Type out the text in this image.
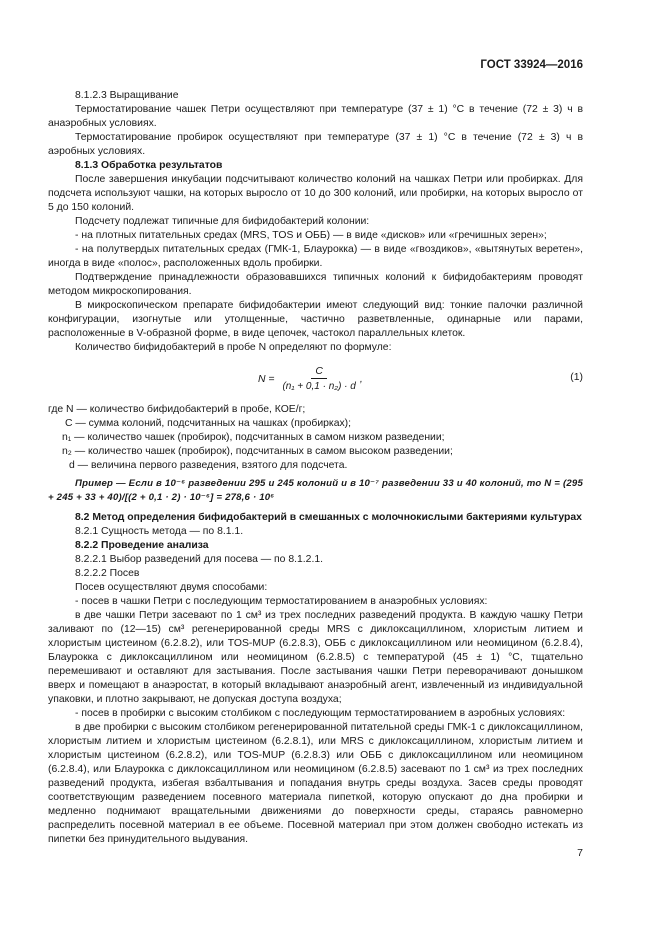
ГОСТ 33924—2016

8.1.2.3 Выращивание

Термостатирование чашек Петри осуществляют при температуре (37 ± 1) °С в течение (72 ± 3) ч в анаэробных условиях.

Термостатирование пробирок осуществляют при температуре (37 ± 1) °С в течение (72 ± 3) ч в аэробных условиях.

8.1.3 Обработка результатов

После завершения инкубации подсчитывают количество колоний на чашках Петри или пробирках. Для подсчета используют чашки, на которых выросло от 10 до 300 колоний, или пробирки, на которых выросло от 5 до 150 колоний.

Подсчету подлежат типичные для бифидобактерий колонии:

- на плотных питательных средах (MRS, TOS и ОББ) — в виде «дисков» или «гречишных зерен»;

- на полутвердых питательных средах (ГМК-1, Блаурокка) — в виде «гвоздиков», «вытянутых веретен», иногда в виде «полос», расположенных вдоль пробирки.

Подтверждение принадлежности образовавшихся типичных колоний к бифидобактериям проводят методом микроскопирования.

В микроскопическом препарате бифидобактерии имеют следующий вид: тонкие палочки различной конфигурации, изогнутые или утолщенные, частично разветвленные, одинарные или парами, расположенные в V-образной форме, в виде цепочек, частокол параллельных клеток.

Количество бифидобактерий в пробе N определяют по формуле:

$N = \frac{C}{\text{(n₁ + 0,1 · n₂) · d}}$ ,	(1)

где N — количество бифидобактерий в пробе, КОЕ/г;

C — сумма колоний, подсчитанных на чашках (пробирках);

n₁ — количество чашек (пробирок), подсчитанных в самом низком разведении;

n₂ — количество чашек (пробирок), подсчитанных в самом высоком разведении;

d — величина первого разведения, взятого для подсчета.

Пример — Если в 10⁻⁶ разведении 295 и 245 колоний и в 10⁻⁷ разведении 33 и 40 колоний, то N = (295 + 245 + 33 + 40)/[(2 + 0,1 · 2) · 10⁻⁶] = 278,6 · 10⁶

8.2 Метод определения бифидобактерий в смешанных с молочнокислыми бактериями культурах

8.2.1 Сущность метода — по 8.1.1.

8.2.2 Проведение анализа

8.2.2.1 Выбор разведений для посева — по 8.1.2.1.

8.2.2.2 Посев

Посев осуществляют двумя способами:

- посев в чашки Петри с последующим термостатированием в анаэробных условиях:

в две чашки Петри засевают по 1 см³ из трех последних разведений продукта. В каждую чашку Петри заливают по (12—15) см³ регенерированной среды MRS с диклоксациллином, хлористым литием и хлористым цистеином (6.2.8.2), или TOS-MUP (6.2.8.3), ОББ с диклоксациллином или неомицином (6.2.8.4), Блаурокка с диклоксациллином или неомицином (6.2.8.5) с температурой (45 ± 1) °С, тщательно перемешивают и оставляют для застывания. После застывания чашки Петри переворачивают донышком вверх и помещают в анаэростат, в который вкладывают анаэробный агент, извлеченный из индивидуальной упаковки, и плотно закрывают, не допуская доступа воздуха;

- посев в пробирки с высоким столбиком с последующим термостатированием в аэробных условиях:

в две пробирки с высоким столбиком регенерированной питательной среды ГМК-1 с диклоксациллином, хлористым литием и хлористым цистеином (6.2.8.1), или MRS с диклоксациллином, хлористым литием и хлористым цистеином (6.2.8.2), или TOS-MUP (6.2.8.3) или ОББ с диклоксациллином или неомицином (6.2.8.4), или Блаурокка с диклоксациллином или неомицином (6.2.8.5) засевают по 1 см³ из трех последних разведений продукта, избегая взбалтывания и попадания внутрь среды воздуха. Засев среды проводят соответствующим разведением посевного материала пипеткой, которую опускают до дна пробирки и медленно поднимают вращательными движениями до поверхности среды, стараясь равномерно распределить посевной материал в ее объеме. Посевной материал при этом должен свободно истекать из пипетки без принудительного выдувания.

7
